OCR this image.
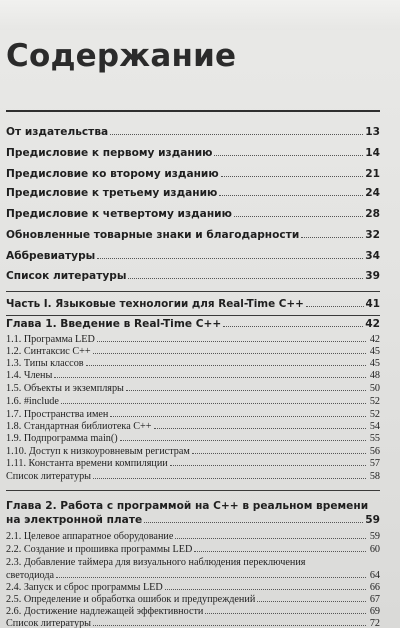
Содержание
От издательства	13
Предисловие к первому изданию	14
Предисловие ко второму изданию	21
Предисловие к третьему изданию	24
Предисловие к четвертому изданию	28
Обновленные товарные знаки и благодарности	32
Аббревиатуры	34
Список литературы	39
Часть I. Языковые технологии для Real-Time C++	41
Глава 1. Введение в Real-Time C++	42
1.1. Программа LED	42
1.2. Синтаксис C++	45
1.3. Типы классов	45
1.4. Члены	48
1.5. Объекты и экземпляры	50
1.6. #include	52
1.7. Пространства имен	52
1.8. Стандартная библиотека C++	54
1.9. Подпрограмма main()	55
1.10. Доступ к низкоуровневым регистрам	56
1.11. Константа времени компиляции	57
Список литературы	58
Глава 2. Работа с программой на C++ в реальном времени
на электронной плате	59
2.1. Целевое аппаратное оборудование	59
2.2. Создание и прошивка программы LED	60
2.3. Добавление таймера для визуального наблюдения переключения
светодиода	64
2.4. Запуск и сброс программы LED	66
2.5. Определение и обработка ошибок и предупреждений	67
2.6. Достижение надлежащей эффективности	69
Список литературы	72
